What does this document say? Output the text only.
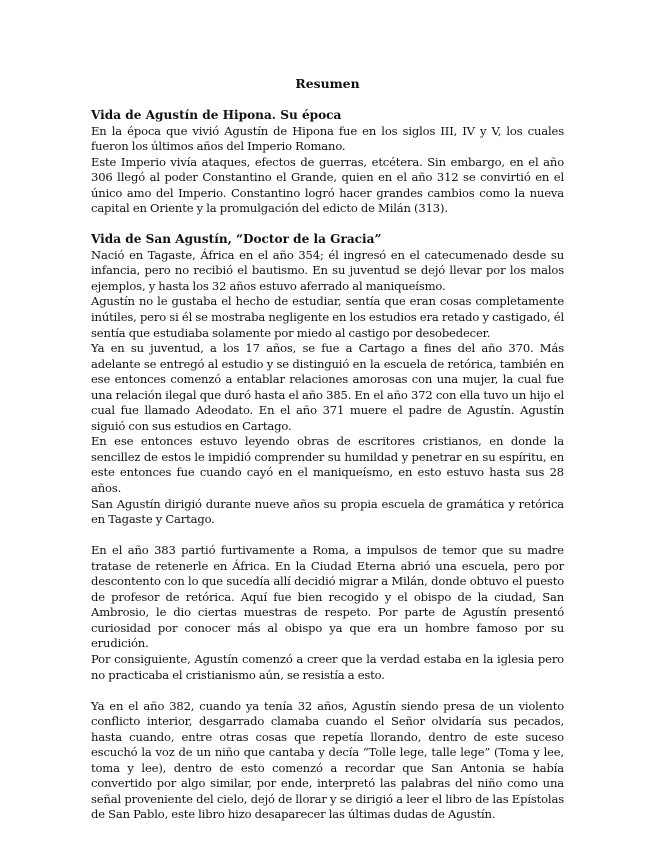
Resumen

Vida de Agustín de Hipona. Su época

En la época que vivió Agustín de Hipona fue en los siglos III, IV y V, los cuales fueron los últimos años del Imperio Romano.

Este Imperio vivía ataques, efectos de guerras, etcétera. Sin embargo, en el año 306 llegó al poder Constantino el Grande, quien en el año 312 se convirtió en el único amo del Imperio. Constantino logró hacer grandes cambios como la nueva capital en Oriente y la promulgación del edicto de Milán (313).

Vida de San Agustín, “Doctor de la Gracia”

Nació en Tagaste, África en el año 354; él ingresó en el catecumenado desde su infancia, pero no recibió el bautismo. En su juventud se dejó llevar por los malos ejemplos, y hasta los 32 años estuvo aferrado al maniqueísmo.

Agustín no le gustaba el hecho de estudiar, sentía que eran cosas completamente inútiles, pero si él se mostraba negligente en los estudios era retado y castigado, él sentía que estudiaba solamente por miedo al castigo por desobedecer.

Ya en su juventud, a los 17 años, se fue a Cartago a fines del año 370. Más adelante se entregó al estudio y se distinguió en la escuela de retórica, también en ese entonces comenzó a entablar relaciones amorosas con una mujer, la cual fue una relación ilegal que duró hasta el año 385. En el año 372 con ella tuvo un hijo el cual fue llamado Adeodato. En el año 371 muere el padre de Agustín. Agustín siguió con sus estudios en Cartago.

En ese entonces estuvo leyendo obras de escritores cristianos, en donde la sencillez de estos le impidió comprender su humildad y penetrar en su espíritu, en este entonces fue cuando cayó en el maniqueísmo, en esto estuvo hasta sus 28 años.

San Agustín dirigió durante nueve años su propia escuela de gramática y retórica en Tagaste y Cartago.

En el año 383 partió furtivamente a Roma, a impulsos de temor que su madre tratase de retenerle en África. En la Ciudad Eterna abrió una escuela, pero por descontento con lo que sucedía allí decidió migrar a Milán, donde obtuvo el puesto de profesor de retórica. Aquí fue bien recogido y el obispo de la ciudad, San Ambrosio, le dio ciertas muestras de respeto. Por parte de Agustín presentó curiosidad por conocer más al obispo ya que era un hombre famoso por su erudición.

Por consiguiente, Agustín comenzó a creer que la verdad estaba en la iglesia pero no practicaba el cristianismo aún, se resistía a esto.

Ya en el año 382, cuando ya tenía 32 años, Agustín siendo presa de un violento conflicto interior, desgarrado clamaba cuando el Señor olvidaría sus pecados, hasta cuando, entre otras cosas que repetía llorando, dentro de este suceso escuchó la voz de un niño que cantaba y decía “Tolle lege, talle lege” (Toma y lee, toma y lee), dentro de esto comenzó a recordar que San Antonia se había convertido por algo similar, por ende, interpretó las palabras del niño como una señal proveniente del cielo, dejó de llorar y se dirigió a leer el libro de las Epístolas de San Pablo, este libro hizo desaparecer las últimas dudas de Agustín.
